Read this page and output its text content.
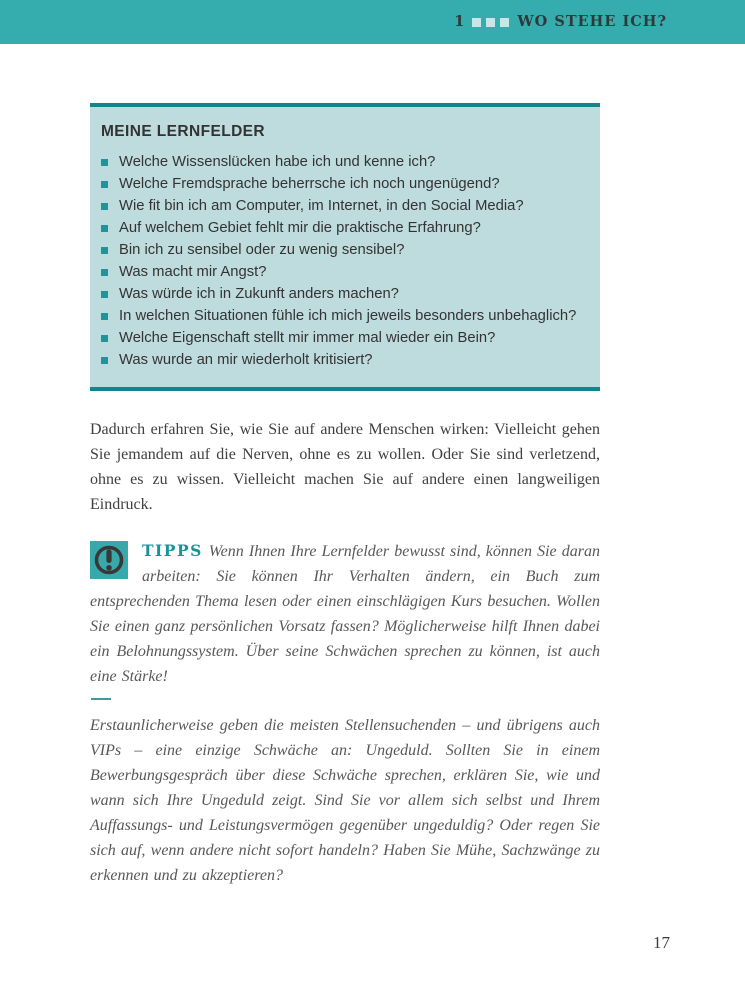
1	WO STEHE ICH?
MEINE LERNFELDER
Welche Wissenslücken habe ich und kenne ich?
Welche Fremdsprache beherrsche ich noch ungenügend?
Wie fit bin ich am Computer, im Internet, in den Social Media?
Auf welchem Gebiet fehlt mir die praktische Erfahrung?
Bin ich zu sensibel oder zu wenig sensibel?
Was macht mir Angst?
Was würde ich in Zukunft anders machen?
In welchen Situationen fühle ich mich jeweils besonders unbehaglich?
Welche Eigenschaft stellt mir immer mal wieder ein Bein?
Was wurde an mir wiederholt kritisiert?

Dadurch erfahren Sie, wie Sie auf andere Menschen wirken: Vielleicht gehen Sie jemandem auf die Nerven, ohne es zu wollen. Oder Sie sind verletzend, ohne es zu wissen. Vielleicht machen Sie auf andere einen langweiligen Eindruck.

TIPPS Wenn Ihnen Ihre Lernfelder bewusst sind, können Sie daran arbeiten: Sie können Ihr Verhalten ändern, ein Buch zum entsprechenden Thema lesen oder einen einschlägigen Kurs besuchen. Wollen Sie einen ganz persönlichen Vorsatz fassen? Möglicherweise hilft Ihnen dabei ein Belohnungssystem. Über seine Schwächen sprechen zu können, ist auch eine Stärke!

Erstaunlicherweise geben die meisten Stellensuchenden – und übrigens auch VIPs – eine einzige Schwäche an: Ungeduld. Sollten Sie in einem Bewerbungsgespräch über diese Schwäche sprechen, erklären Sie, wie und wann sich Ihre Ungeduld zeigt. Sind Sie vor allem sich selbst und Ihrem Auffassungs- und Leistungsvermögen gegenüber ungeduldig? Oder regen Sie sich auf, wenn andere nicht sofort handeln? Haben Sie Mühe, Sachzwänge zu erkennen und zu akzeptieren?

17
